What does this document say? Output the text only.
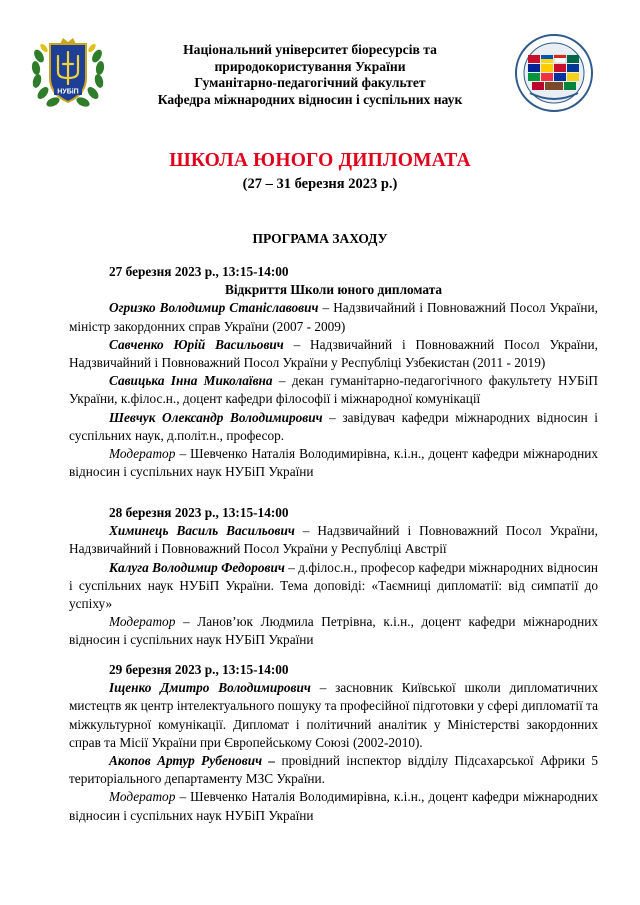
НУБіП
Національний університет біоресурсів та
природокористування України
Гуманітарно-педагогічний факультет
Кафедра міжнародних відносин і суспільних наук
ШКОЛА ЮНОГО ДИПЛОМАТА
(27 – 31 березня 2023 р.)
ПРОГРАМА ЗАХОДУ
27 березня 2023 р., 13:15-14:00
Відкриття Школи юного дипломата

Огризко Володимир Станіславович – Надзвичайний і Повноважний Посол України, міністр закордонних справ України (2007 - 2009)

Савченко Юрій Васильович – Надзвичайний і Повноважний Посол України, Надзвичайний і Повноважний Посол України у Республіці Узбекистан (2011 - 2019)

Савицька Інна Миколаївна – декан гуманітарно-педагогічного факультету НУБіП України, к.філос.н., доцент кафедри філософії і міжнародної комунікації

Шевчук Олександр Володимирович – завідувач кафедри міжнародних відносин і суспільних наук, д.політ.н., професор.

Модератор – Шевченко Наталія Володимирівна, к.і.н., доцент кафедри міжнародних відносин і суспільних наук НУБіП України

28 березня 2023 р., 13:15-14:00

Химинець Василь Васильович – Надзвичайний і Повноважний Посол України, Надзвичайний і Повноважний Посол України у Республіці Австрії

Калуга Володимир Федорович – д.філос.н., професор кафедри міжнародних відносин і суспільних наук НУБіП України. Тема доповіді: «Таємниці дипломатії: від симпатії до успіху»

Модератор – Ланов’юк Людмила Петрівна, к.і.н., доцент кафедри міжнародних відносин і суспільних наук НУБіП України

29 березня 2023 р., 13:15-14:00

Іщенко Дмитро Володимирович – засновник Київської школи дипломатичних мистецтв як центр інтелектуального пошуку та професійної підготовки у сфері дипломатії та міжкультурної комунікації. Дипломат і політичний аналітик у Міністерстві закордонних справ та Місії України при Європейському Союзі (2002-2010).

Акопов Артур Рубенович – провідний інспектор відділу Підсахарської Африки 5 територіального департаменту МЗС України.

Модератор – Шевченко Наталія Володимирівна, к.і.н., доцент кафедри міжнародних відносин і суспільних наук НУБіП України
